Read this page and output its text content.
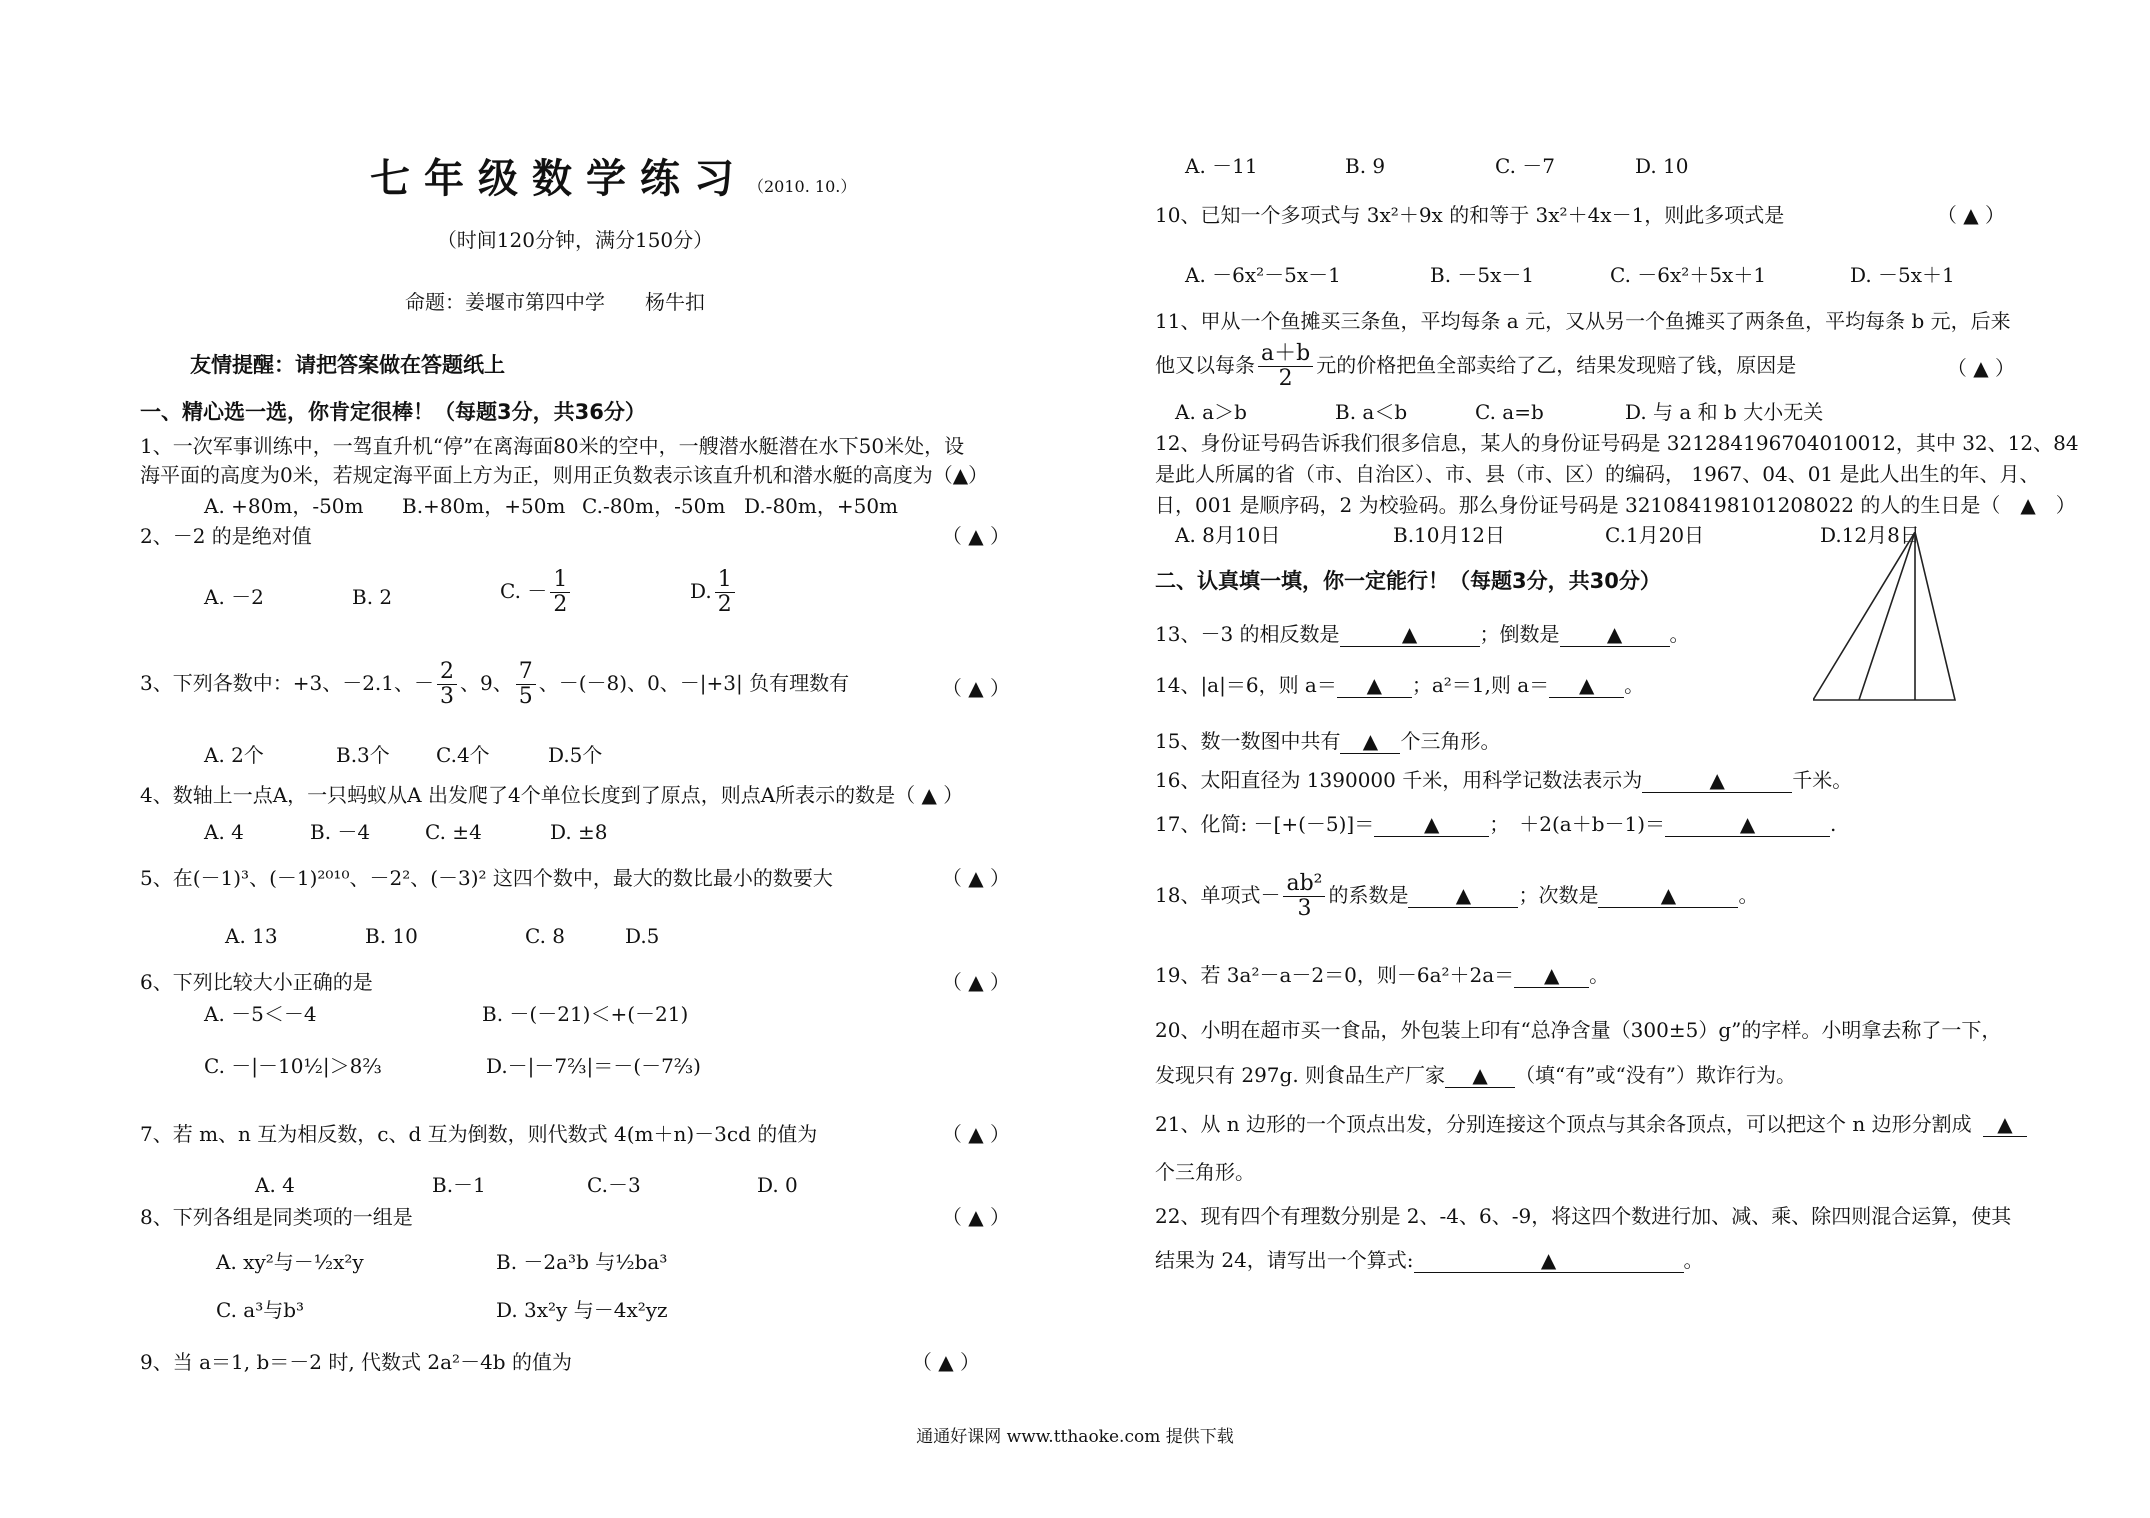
七年级数学练习（2010. 10.）
（时间120分钟，满分150分）
命题：姜堰市第四中学　　杨牛扣
友情提醒：请把答案做在答题纸上
一、精心选一选，你肯定很棒！（每题3分，共36分）
1、一次军事训练中，一驾直升机“停”在离海面80米的空中，一艘潜水艇潜在水下50米处，设
海平面的高度为0米，若规定海平面上方为正，则用正负数表示该直升机和潜水艇的高度为（▲）
A. +80m，-50m B.+80m，+50m C.-80m，-50m D.-80m，+50m
2、－2 的是绝对值	（ ▲ ）
A. －2	B. 2	C. － $\frac{1}{2}$	D. $\frac{1}{2}$
3、下列各数中：+3、－2.1、－ $\frac{2}{3}$ 、9、 $\frac{7}{5}$ 、－(－8)、0、－|+3| 负有理数有	（ ▲ ）
A. 2个	B.3个 C.4个	D.5个
4、数轴上一点A，一只蚂蚁从A 出发爬了4个单位长度到了原点，则点A所表示的数是（ ▲ ）
A. 4	B. －4	C. ±4	D. ±8
5、在(－1)³、(－1)²⁰¹⁰、－2²、(－3)² 这四个数中，最大的数比最小的数要大	（ ▲ ）
A. 13	B. 10	C. 8	D.5
6、下列比较大小正确的是	（ ▲ ）
A. －5＜－4	B. －(－21)＜+(－21)
C. －|－10½|＞8⅔	D.－|－7⅔|＝－(－7⅔)
7、若 m、n 互为相反数，c、d 互为倒数，则代数式 4(m＋n)－3cd 的值为	（ ▲ ）
A. 4	B.－1	C.－3	D. 0
8、下列各组是同类项的一组是	（ ▲ ）
A. xy²与－½x²y	B. －2a³b 与½ba³
C. a³与b³	D. 3x²y 与－4x²yz
9、当 a＝1, b＝－2 时, 代数式 2a²－4b 的值为	（ ▲ ）
A. －11	B. 9	C. －7	D. 10
10、已知一个多项式与 3x²＋9x 的和等于 3x²＋4x－1，则此多项式是	（ ▲ ）
A. －6x²－5x－1	B. －5x－1	C. －6x²＋5x＋1	D. －5x＋1
11、甲从一个鱼摊买三条鱼，平均每条 a 元，又从另一个鱼摊买了两条鱼，平均每条 b 元，后来
他又以每条 $\frac{a+b}{2}$ 元的价格把鱼全部卖给了乙，结果发现赔了钱，原因是	（ ▲ ）
A. a＞b	B. a＜b	C. a=b	D. 与 a 和 b 大小无关
12、身份证号码告诉我们很多信息，某人的身份证号码是 321284196704010012，其中 32、12、84
是此人所属的省（市、自治区）、市、县（市、区）的编码， 1967、04、01 是此人出生的年、月、
日，001 是顺序码，2 为校验码。那么身份证号码是 321084198101208022 的人的生日是（　▲　）
A. 8月10日	B.10月12日	C.1月20日	D.12月8日
二、认真填一填，你一定能行！（每题3分，共30分）
13、－3 的相反数是	▲	；倒数是 ▲ 。
14、|a|＝6，则 a＝ ▲ ；a²＝1,则 a＝ ▲ 。
15、数一数图中共有 ▲ 个三角形。
16、太阳直径为 1390000 千米，用科学记数法表示为	▲	千米。
17、化简: －[+(－5)]＝ ▲ ；　＋2(a＋b－1)＝	▲	.
18、单项式－ $\frac{\text{ab²}}{3}$ 的系数是 ▲ ；次数是	▲	。
19、若 3a²－a－2＝0，则－6a²＋2a＝ ▲ 。
20、小明在超市买一食品，外包装上印有“总净含量（300±5）g”的字样。小明拿去称了一下，
发现只有 297g. 则食品生产厂家 ▲ （填“有”或“没有”）欺诈行为。
21、从 n 边形的一个顶点出发，分别连接这个顶点与其余各顶点，可以把这个 n 边形分割成	▲
个三角形。
22、现有四个有理数分别是 2、-4、6、-9，将这四个数进行加、减、乘、除四则混合运算，使其
结果为 24，请写出一个算式:	▲	。
通通好课网 www.tthaoke.com 提供下载
